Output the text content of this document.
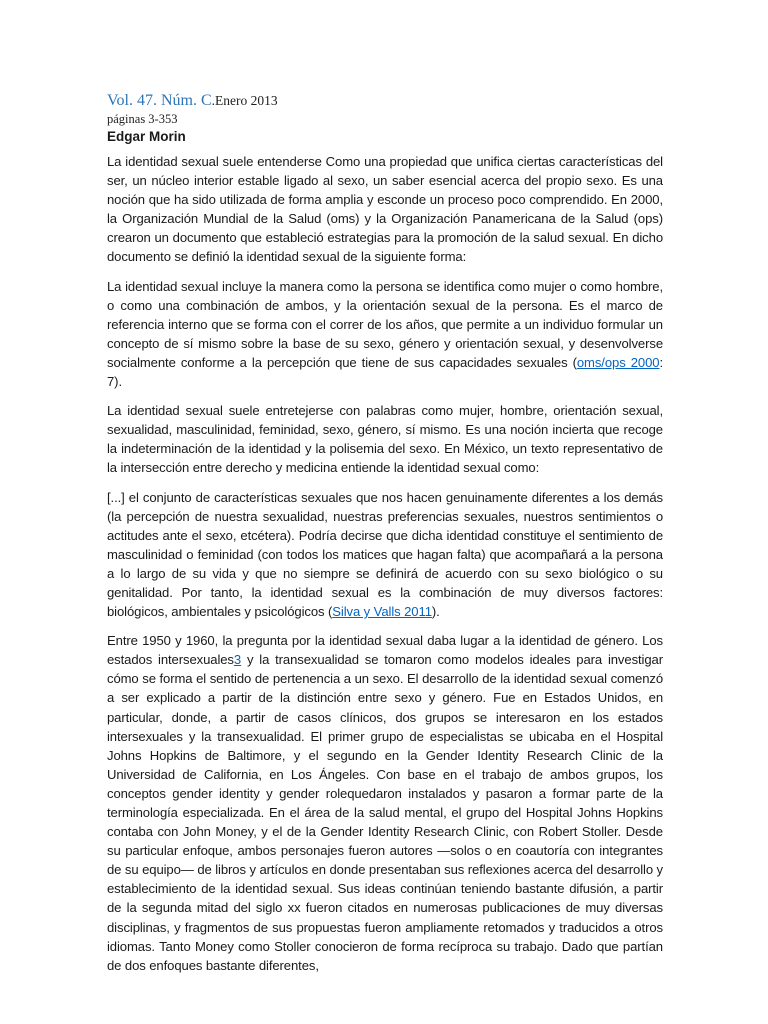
Vol. 47. Núm. C.Enero 2013
páginas 3-353
Edgar Morin

La identidad sexual suele entenderse Como una propiedad que unifica ciertas características del ser, un núcleo interior estable ligado al sexo, un saber esencial acerca del propio sexo. Es una noción que ha sido utilizada de forma amplia y esconde un proceso poco comprendido. En 2000, la Organización Mundial de la Salud (oms) y la Organización Panamericana de la Salud (ops) crearon un documento que estableció estrategias para la promoción de la salud sexual. En dicho documento se definió la identidad sexual de la siguiente forma:

La identidad sexual incluye la manera como la persona se identifica como mujer o como hombre, o como una combinación de ambos, y la orientación sexual de la persona. Es el marco de referencia interno que se forma con el correr de los años, que permite a un individuo formular un concepto de sí mismo sobre la base de su sexo, género y orientación sexual, y desenvolverse socialmente conforme a la percepción que tiene de sus capacidades sexuales (oms/ops 2000: 7).

La identidad sexual suele entretejerse con palabras como mujer, hombre, orientación sexual, sexualidad, masculinidad, feminidad, sexo, género, sí mismo. Es una noción incierta que recoge la indeterminación de la identidad y la polisemia del sexo. En México, un texto representativo de la intersección entre derecho y medicina entiende la identidad sexual como:

[...] el conjunto de características sexuales que nos hacen genuinamente diferentes a los demás (la percepción de nuestra sexualidad, nuestras preferencias sexuales, nuestros sentimientos o actitudes ante el sexo, etcétera). Podría decirse que dicha identidad constituye el sentimiento de masculinidad o feminidad (con todos los matices que hagan falta) que acompañará a la persona a lo largo de su vida y que no siempre se definirá de acuerdo con su sexo biológico o su genitalidad. Por tanto, la identidad sexual es la combinación de muy diversos factores: biológicos, ambientales y psicológicos (Silva y Valls 2011).

Entre 1950 y 1960, la pregunta por la identidad sexual daba lugar a la identidad de género. Los estados intersexuales3 y la transexualidad se tomaron como modelos ideales para investigar cómo se forma el sentido de pertenencia a un sexo. El desarrollo de la identidad sexual comenzó a ser explicado a partir de la distinción entre sexo y género. Fue en Estados Unidos, en particular, donde, a partir de casos clínicos, dos grupos se interesaron en los estados intersexuales y la transexualidad. El primer grupo de especialistas se ubicaba en el Hospital Johns Hopkins de Baltimore, y el segundo en la Gender Identity Research Clinic de la Universidad de California, en Los Ángeles. Con base en el trabajo de ambos grupos, los conceptos gender identity y gender rolequedaron instalados y pasaron a formar parte de la terminología especializada. En el área de la salud mental, el grupo del Hospital Johns Hopkins contaba con John Money, y el de la Gender Identity Research Clinic, con Robert Stoller. Desde su particular enfoque, ambos personajes fueron autores —solos o en coautoría con integrantes de su equipo— de libros y artículos en donde presentaban sus reflexiones acerca del desarrollo y establecimiento de la identidad sexual. Sus ideas continúan teniendo bastante difusión, a partir de la segunda mitad del siglo xx fueron citados en numerosas publicaciones de muy diversas disciplinas, y fragmentos de sus propuestas fueron ampliamente retomados y traducidos a otros idiomas. Tanto Money como Stoller conocieron de forma recíproca su trabajo. Dado que partían de dos enfoques bastante diferentes,
